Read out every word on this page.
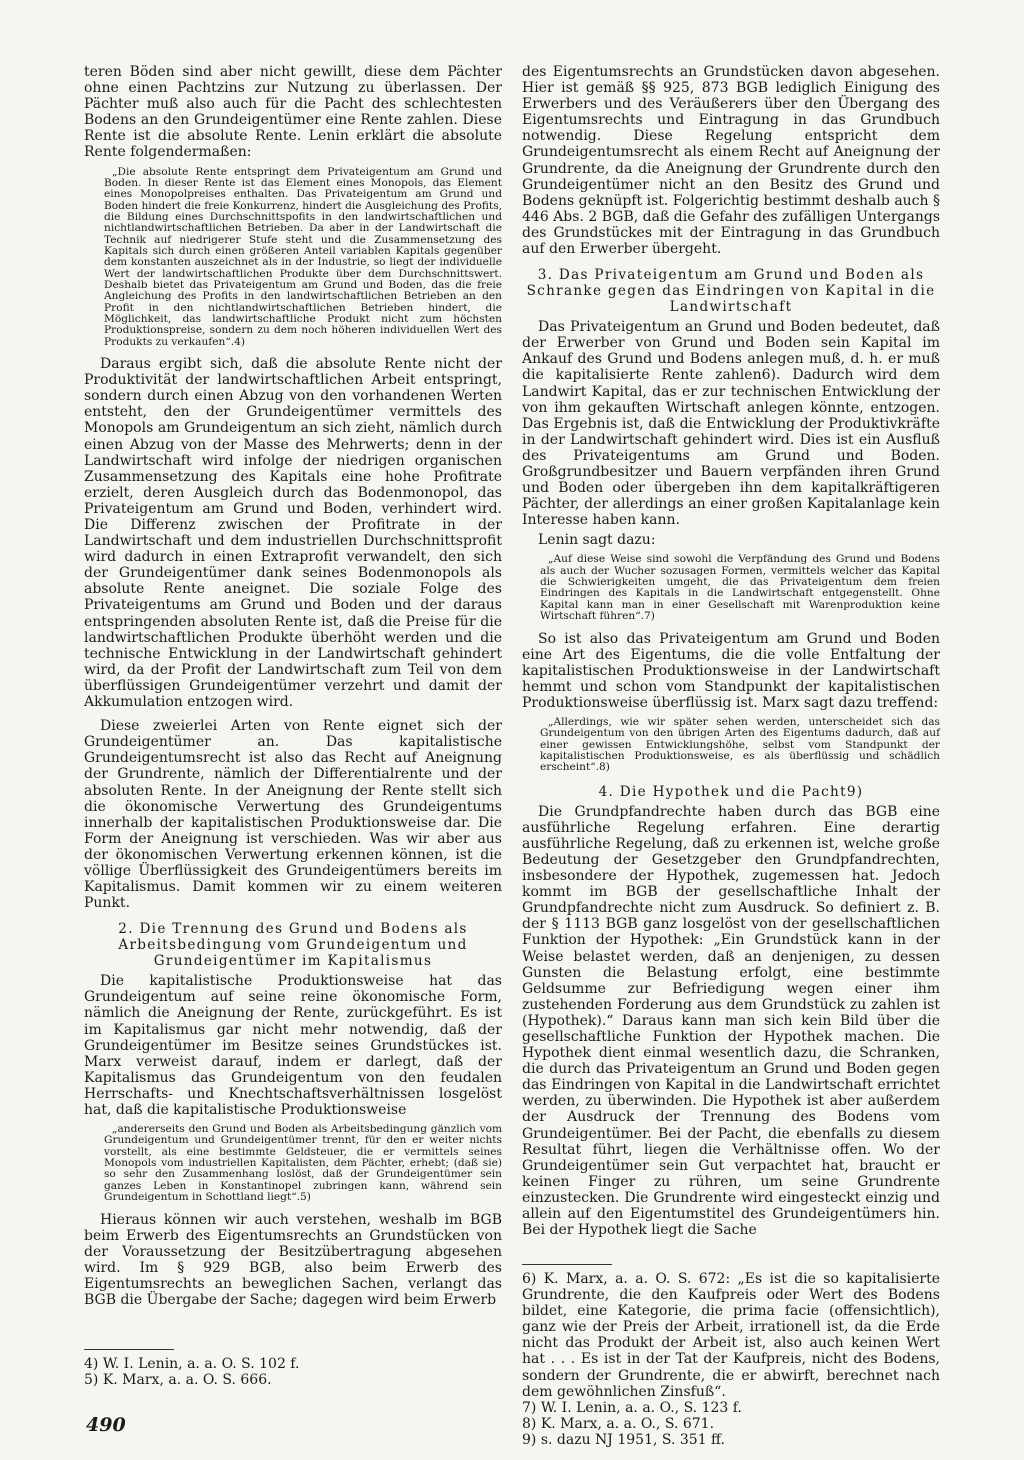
teren Böden sind aber nicht gewillt, diese dem Pächter ohne einen Pachtzins zur Nutzung zu überlassen. Der Pächter muß also auch für die Pacht des schlechtesten Bodens an den Grundeigentümer eine Rente zahlen. Diese Rente ist die absolute Rente. Lenin erklärt die absolute Rente folgendermaßen:

„Die absolute Rente entspringt dem Privateigentum am Grund und Boden. In dieser Rente ist das Element eines Monopols, das Element eines Monopolpreises enthalten. Das Privateigentum am Grund und Boden hindert die freie Konkurrenz, hindert die Ausgleichung des Profits, die Bildung eines Durchschnittspofits in den landwirtschaftlichen und nichtlandwirtschaftlichen Betrieben. Da aber in der Landwirtschaft die Technik auf niedrigerer Stufe steht und die Zusammensetzung des Kapitals sich durch einen größeren Anteil variablen Kapitals gegenüber dem konstanten auszeichnet als in der Industrie, so liegt der individuelle Wert der landwirtschaftlichen Produkte über dem Durchschnittswert. Deshalb bietet das Privateigentum am Grund und Boden, das die freie Angleichung des Profits in den landwirtschaftlichen Betrieben an den Profit in den nichtlandwirtschaftlichen Betrieben hindert, die Möglichkeit, das landwirtschaftliche Produkt nicht zum höchsten Produktionspreise, sondern zu dem noch höheren individuellen Wert des Produkts zu verkaufen“.4)

Daraus ergibt sich, daß die absolute Rente nicht der Produktivität der landwirtschaftlichen Arbeit entspringt, sondern durch einen Abzug von den vorhandenen Werten entsteht, den der Grundeigentümer vermittels des Monopols am Grundeigentum an sich zieht, nämlich durch einen Abzug von der Masse des Mehrwerts; denn in der Landwirtschaft wird infolge der niedrigen organischen Zusammensetzung des Kapitals eine hohe Profitrate erzielt, deren Ausgleich durch das Bodenmonopol, das Privateigentum am Grund und Boden, verhindert wird. Die Differenz zwischen der Profitrate in der Landwirtschaft und dem industriellen Durchschnittsprofit wird dadurch in einen Extraprofit verwandelt, den sich der Grundeigentümer dank seines Bodenmonopols als absolute Rente aneignet. Die soziale Folge des Privateigentums am Grund und Boden und der daraus entspringenden absoluten Rente ist, daß die Preise für die landwirtschaftlichen Produkte überhöht werden und die technische Entwicklung in der Landwirtschaft gehindert wird, da der Profit der Landwirtschaft zum Teil von dem überflüssigen Grundeigentümer verzehrt und damit der Akkumulation entzogen wird.

Diese zweierlei Arten von Rente eignet sich der Grundeigentümer an. Das kapitalistische Grundeigentumsrecht ist also das Recht auf Aneignung der Grundrente, nämlich der Differentialrente und der absoluten Rente. In der Aneignung der Rente stellt sich die ökonomische Verwertung des Grundeigentums innerhalb der kapitalistischen Produktionsweise dar. Die Form der Aneignung ist verschieden. Was wir aber aus der ökonomischen Verwertung erkennen können, ist die völlige Überflüssigkeit des Grundeigentümers bereits im Kapitalismus. Damit kommen wir zu einem weiteren Punkt.

2. Die Trennung des Grund und Bodens als Arbeitsbedingung vom Grundeigentum und Grundeigentümer im Kapitalismus

Die kapitalistische Produktionsweise hat das Grundeigentum auf seine reine ökonomische Form, nämlich die Aneignung der Rente, zurückgeführt. Es ist im Kapitalismus gar nicht mehr notwendig, daß der Grundeigentümer im Besitze seines Grundstückes ist. Marx verweist darauf, indem er darlegt, daß der Kapitalismus das Grundeigentum von den feudalen Herrschafts- und Knechtschaftsverhältnissen losgelöst hat, daß die kapitalistische Produktionsweise

„andererseits den Grund und Boden als Arbeitsbedingung gänzlich vom Grundeigentum und Grundeigentümer trennt, für den er weiter nichts vorstellt, als eine bestimmte Geldsteuer, die er vermittels seines Monopols vom industriellen Kapitalisten, dem Pächter, erhebt; (daß sie) so sehr den Zusammenhang loslöst, daß der Grundeigentümer sein ganzes Leben in Konstantinopel zubringen kann, während sein Grundeigentum in Schottland liegt“.5)

Hieraus können wir auch verstehen, weshalb im BGB beim Erwerb des Eigentumsrechts an Grundstücken von der Voraussetzung der Besitzübertragung abgesehen wird. Im § 929 BGB, also beim Erwerb des Eigentumsrechts an beweglichen Sachen, verlangt das BGB die Übergabe der Sache; dagegen wird beim Erwerb

des Eigentumsrechts an Grundstücken davon abgesehen. Hier ist gemäß §§ 925, 873 BGB lediglich Einigung des Erwerbers und des Veräußerers über den Übergang des Eigentumsrechts und Eintragung in das Grundbuch notwendig. Diese Regelung entspricht dem Grundeigentumsrecht als einem Recht auf Aneignung der Grundrente, da die Aneignung der Grundrente durch den Grundeigentümer nicht an den Besitz des Grund und Bodens geknüpft ist. Folgerichtig bestimmt deshalb auch § 446 Abs. 2 BGB, daß die Gefahr des zufälligen Untergangs des Grundstückes mit der Eintragung in das Grundbuch auf den Erwerber übergeht.

3. Das Privateigentum am Grund und Boden als Schranke gegen das Eindringen von Kapital in die Landwirtschaft

Das Privateigentum an Grund und Boden bedeutet, daß der Erwerber von Grund und Boden sein Kapital im Ankauf des Grund und Bodens anlegen muß, d. h. er muß die kapitalisierte Rente zahlen6). Dadurch wird dem Landwirt Kapital, das er zur technischen Entwicklung der von ihm gekauften Wirtschaft anlegen könnte, entzogen. Das Ergebnis ist, daß die Entwicklung der Produktivkräfte in der Landwirtschaft gehindert wird. Dies ist ein Ausfluß des Privateigentums am Grund und Boden. Großgrundbesitzer und Bauern verpfänden ihren Grund und Boden oder übergeben ihn dem kapitalkräftigeren Pächter, der allerdings an einer großen Kapitalanlage kein Interesse haben kann.

Lenin sagt dazu:

„Auf diese Weise sind sowohl die Verpfändung des Grund und Bodens als auch der Wucher sozusagen Formen, vermittels welcher das Kapital die Schwierigkeiten umgeht, die das Privateigentum dem freien Eindringen des Kapitals in die Landwirtschaft entgegenstellt. Ohne Kapital kann man in einer Gesellschaft mit Warenproduktion keine Wirtschaft führen“.7)

So ist also das Privateigentum am Grund und Boden eine Art des Eigentums, die die volle Entfaltung der kapitalistischen Produktionsweise in der Landwirtschaft hemmt und schon vom Standpunkt der kapitalistischen Produktionsweise überflüssig ist. Marx sagt dazu treffend:

„Allerdings, wie wir später sehen werden, unterscheidet sich das Grundeigentum von den übrigen Arten des Eigentums dadurch, daß auf einer gewissen Entwicklungshöhe, selbst vom Standpunkt der kapitalistischen Produktionsweise, es als überflüssig und schädlich erscheint“.8)
4. Die Hypothek und die Pacht9)

Die Grundpfandrechte haben durch das BGB eine ausführliche Regelung erfahren. Eine derartig ausführliche Regelung, daß zu erkennen ist, welche große Bedeutung der Gesetzgeber den Grundpfandrechten, insbesondere der Hypothek, zugemessen hat. Jedoch kommt im BGB der gesellschaftliche Inhalt der Grundpfandrechte nicht zum Ausdruck. So definiert z. B. der § 1113 BGB ganz losgelöst von der gesellschaftlichen Funktion der Hypothek: „Ein Grundstück kann in der Weise belastet werden, daß an denjenigen, zu dessen Gunsten die Belastung erfolgt, eine bestimmte Geldsumme zur Befriedigung wegen einer ihm zustehenden Forderung aus dem Grundstück zu zahlen ist (Hypothek).“ Daraus kann man sich kein Bild über die gesellschaftliche Funktion der Hypothek machen. Die Hypothek dient einmal wesentlich dazu, die Schranken, die durch das Privateigentum an Grund und Boden gegen das Eindringen von Kapital in die Landwirtschaft errichtet werden, zu überwinden. Die Hypothek ist aber außerdem der Ausdruck der Trennung des Bodens vom Grundeigentümer. Bei der Pacht, die ebenfalls zu diesem Resultat führt, liegen die Verhältnisse offen. Wo der Grundeigentümer sein Gut verpachtet hat, braucht er keinen Finger zu rühren, um seine Grundrente einzustecken. Die Grundrente wird eingesteckt einzig und allein auf den Eigentumstitel des Grundeigentümers hin. Bei der Hypothek liegt die Sache

4) W. I. Lenin, a. a. O. S. 102 f.

5) K. Marx, a. a. O. S. 666.

6) K. Marx, a. a. O. S. 672: „Es ist die so kapitalisierte Grundrente, die den Kaufpreis oder Wert des Bodens bildet, eine Kategorie, die prima facie (offensichtlich), ganz wie der Preis der Arbeit, irrationell ist, da die Erde nicht das Produkt der Arbeit ist, also auch keinen Wert hat . . . Es ist in der Tat der Kaufpreis, nicht des Bodens, sondern der Grundrente, die er abwirft, berechnet nach dem gewöhnlichen Zinsfuß“.

7) W. I. Lenin, a. a. O., S. 123 f.

8) K. Marx, a. a. O., S. 671.

9) s. dazu NJ 1951, S. 351 ff.

490
